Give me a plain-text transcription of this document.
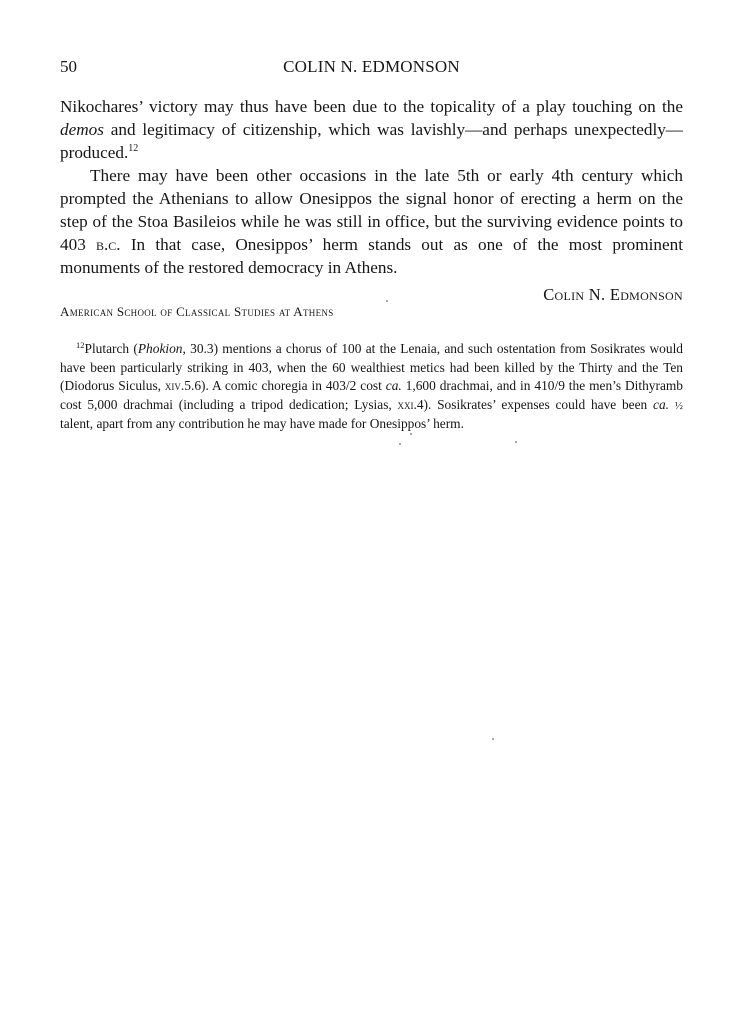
50	COLIN N. EDMONSON

Nikochares’ victory may thus have been due to the topicality of a play touching on the demos and legitimacy of citizenship, which was lavishly—and perhaps unexpectedly—produced.$^{12}$

There may have been other occasions in the late 5th or early 4th century which prompted the Athenians to allow Onesippos the signal honor of erecting a herm on the step of the Stoa Basileios while he was still in office, but the surviving evidence points to 403 b.c. In that case, Onesippos’ herm stands out as one of the most prominent monuments of the restored democracy in Athens.

Colin N. Edmonson
American School of Classical Studies at Athens

$^{12}$Plutarch (Phokion, 30.3) mentions a chorus of 100 at the Lenaia, and such ostentation from Sosikrates would have been particularly striking in 403, when the 60 wealthiest metics had been killed by the Thirty and the Ten (Diodorus Siculus, xiv.5.6). A comic choregia in 403/2 cost ca. 1,600 drachmai, and in 410/9 the men’s Dithyramb cost 5,000 drachmai (including a tripod dedication; Lysias, xxi.4). Sosikrates’ expenses could have been ca. ½ talent, apart from any contribution he may have made for Onesippos’ herm.
